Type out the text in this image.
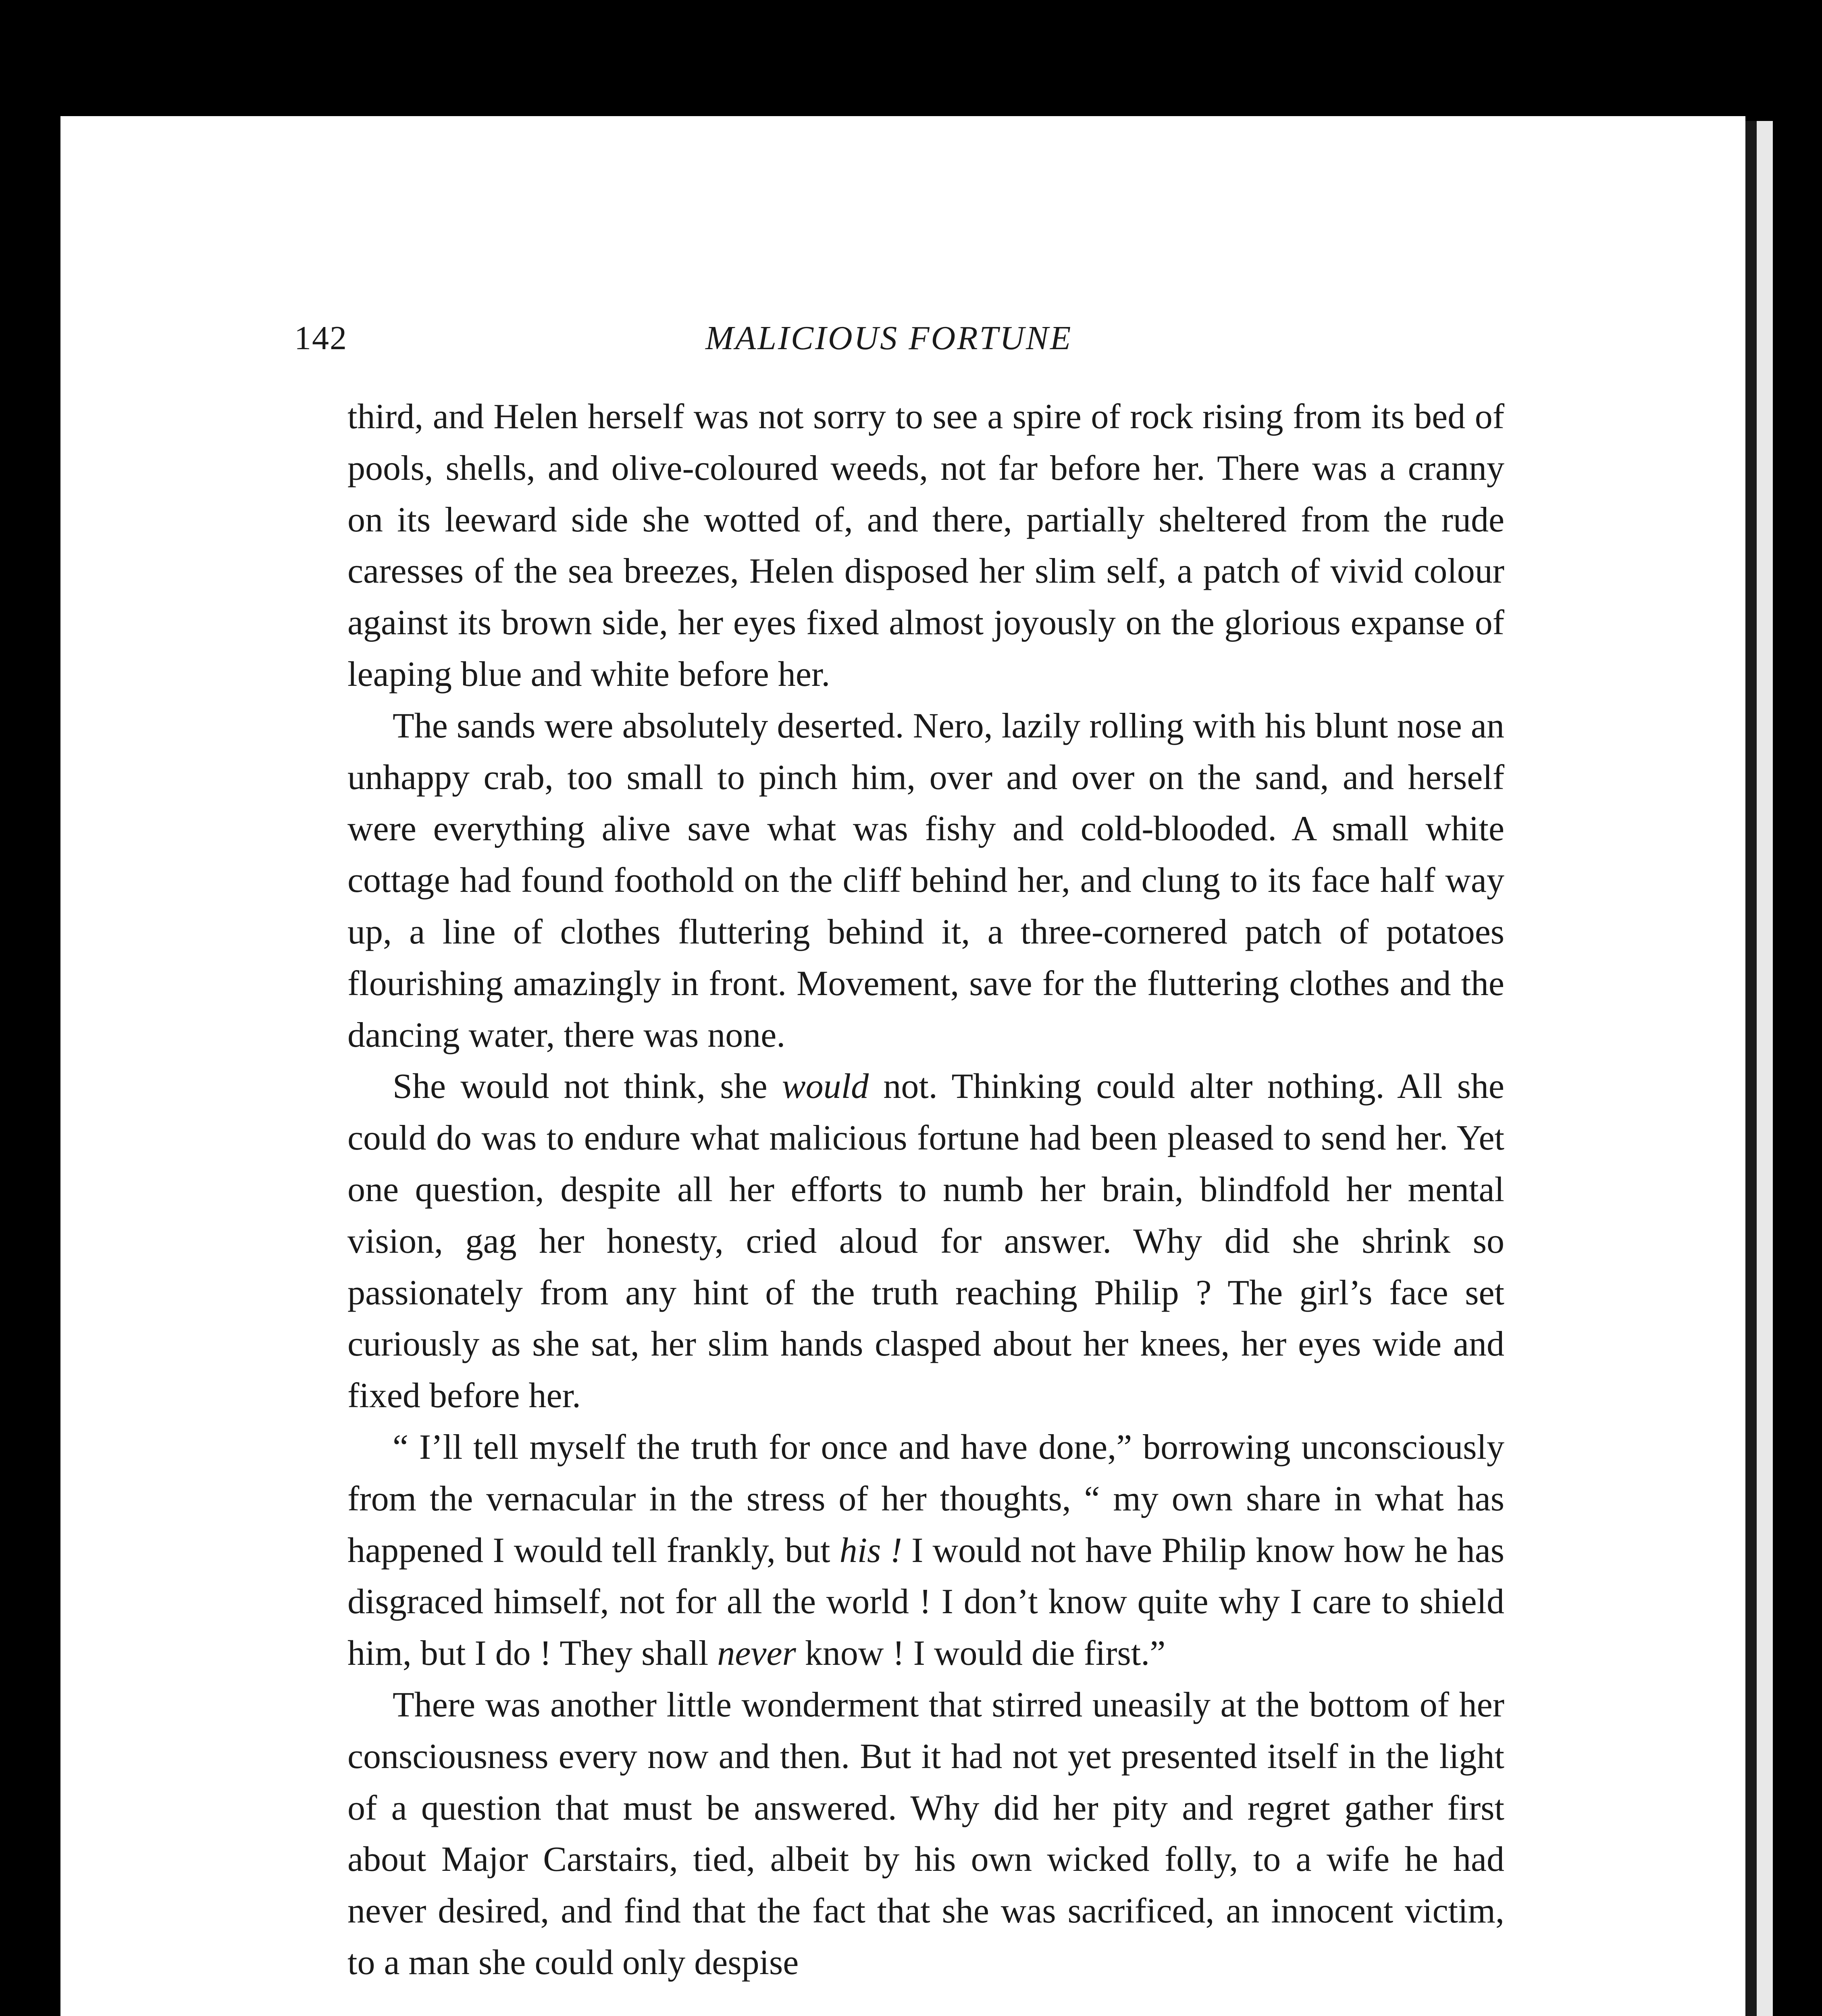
142	MALICIOUS FORTUNE

third, and Helen herself was not sorry to see a spire of rock rising from its bed of pools, shells, and olive-coloured weeds, not far before her. There was a cranny on its leeward side she wotted of, and there, partially sheltered from the rude caresses of the sea breezes, Helen disposed her slim self, a patch of vivid colour against its brown side, her eyes fixed almost joyously on the glorious expanse of leaping blue and white before her.

The sands were absolutely deserted. Nero, lazily rolling with his blunt nose an unhappy crab, too small to pinch him, over and over on the sand, and herself were everything alive save what was fishy and cold-blooded. A small white cottage had found foothold on the cliff behind her, and clung to its face half way up, a line of clothes fluttering behind it, a three-cornered patch of potatoes flourishing amazingly in front. Movement, save for the fluttering clothes and the dancing water, there was none.

She would not think, she would not. Thinking could alter nothing. All she could do was to endure what malicious fortune had been pleased to send her. Yet one question, despite all her efforts to numb her brain, blindfold her mental vision, gag her honesty, cried aloud for answer. Why did she shrink so passionately from any hint of the truth reaching Philip ? The girl’s face set curiously as she sat, her slim hands clasped about her knees, her eyes wide and fixed before her.

“ I’ll tell myself the truth for once and have done,” borrowing unconsciously from the vernacular in the stress of her thoughts, “ my own share in what has happened I would tell frankly, but his ! I would not have Philip know how he has disgraced himself, not for all the world ! I don’t know quite why I care to shield him, but I do ! They shall never know ! I would die first.”

There was another little wonderment that stirred uneasily at the bottom of her consciousness every now and then. But it had not yet presented itself in the light of a question that must be answered. Why did her pity and regret gather first about Major Carstairs, tied, albeit by his own wicked folly, to a wife he had never desired, and find that the fact that she was sacrificed, an innocent victim, to a man she could only despise
